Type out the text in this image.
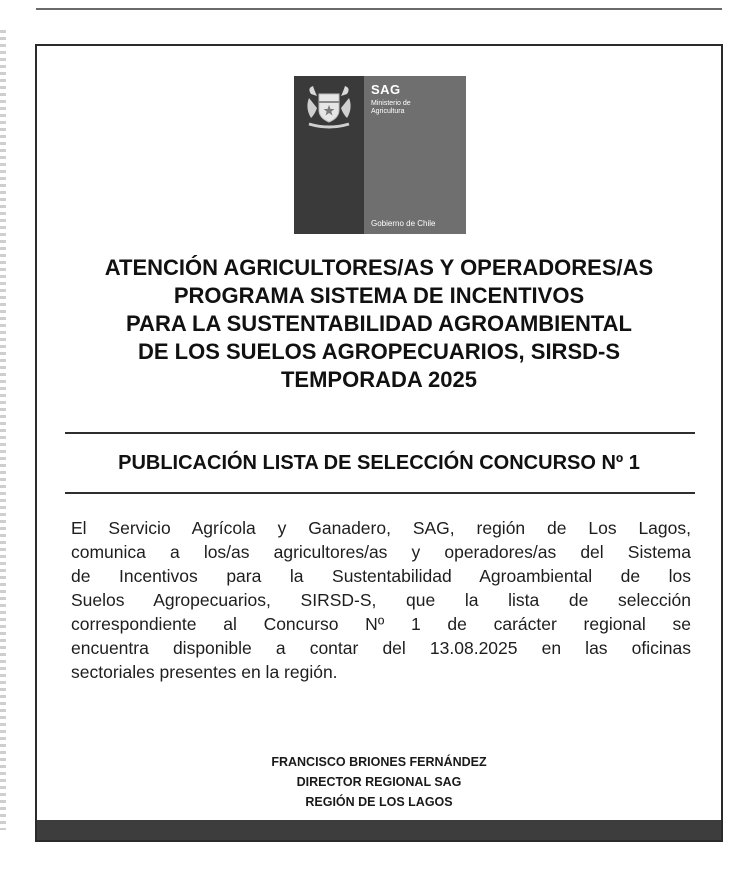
SAG
Ministerio de Agricultura
Gobierno de Chile
ATENCIÓN AGRICULTORES/AS Y OPERADORES/AS
PROGRAMA SISTEMA DE INCENTIVOS
PARA LA SUSTENTABILIDAD AGROAMBIENTAL
DE LOS SUELOS AGROPECUARIOS, SIRSD-S
TEMPORADA 2025
PUBLICACIÓN LISTA DE SELECCIÓN CONCURSO Nº 1
El Servicio Agrícola y Ganadero, SAG, región de Los Lagos,
comunica a los/as agricultores/as y operadores/as del Sistema
de Incentivos para la Sustentabilidad Agroambiental de los
Suelos Agropecuarios, SIRSD-S, que la lista de selección
correspondiente al Concurso Nº 1 de carácter regional se
encuentra disponible a contar del 13.08.2025 en las oficinas
sectoriales presentes en la región.
FRANCISCO BRIONES FERNÁNDEZ
DIRECTOR REGIONAL SAG
REGIÓN DE LOS LAGOS
